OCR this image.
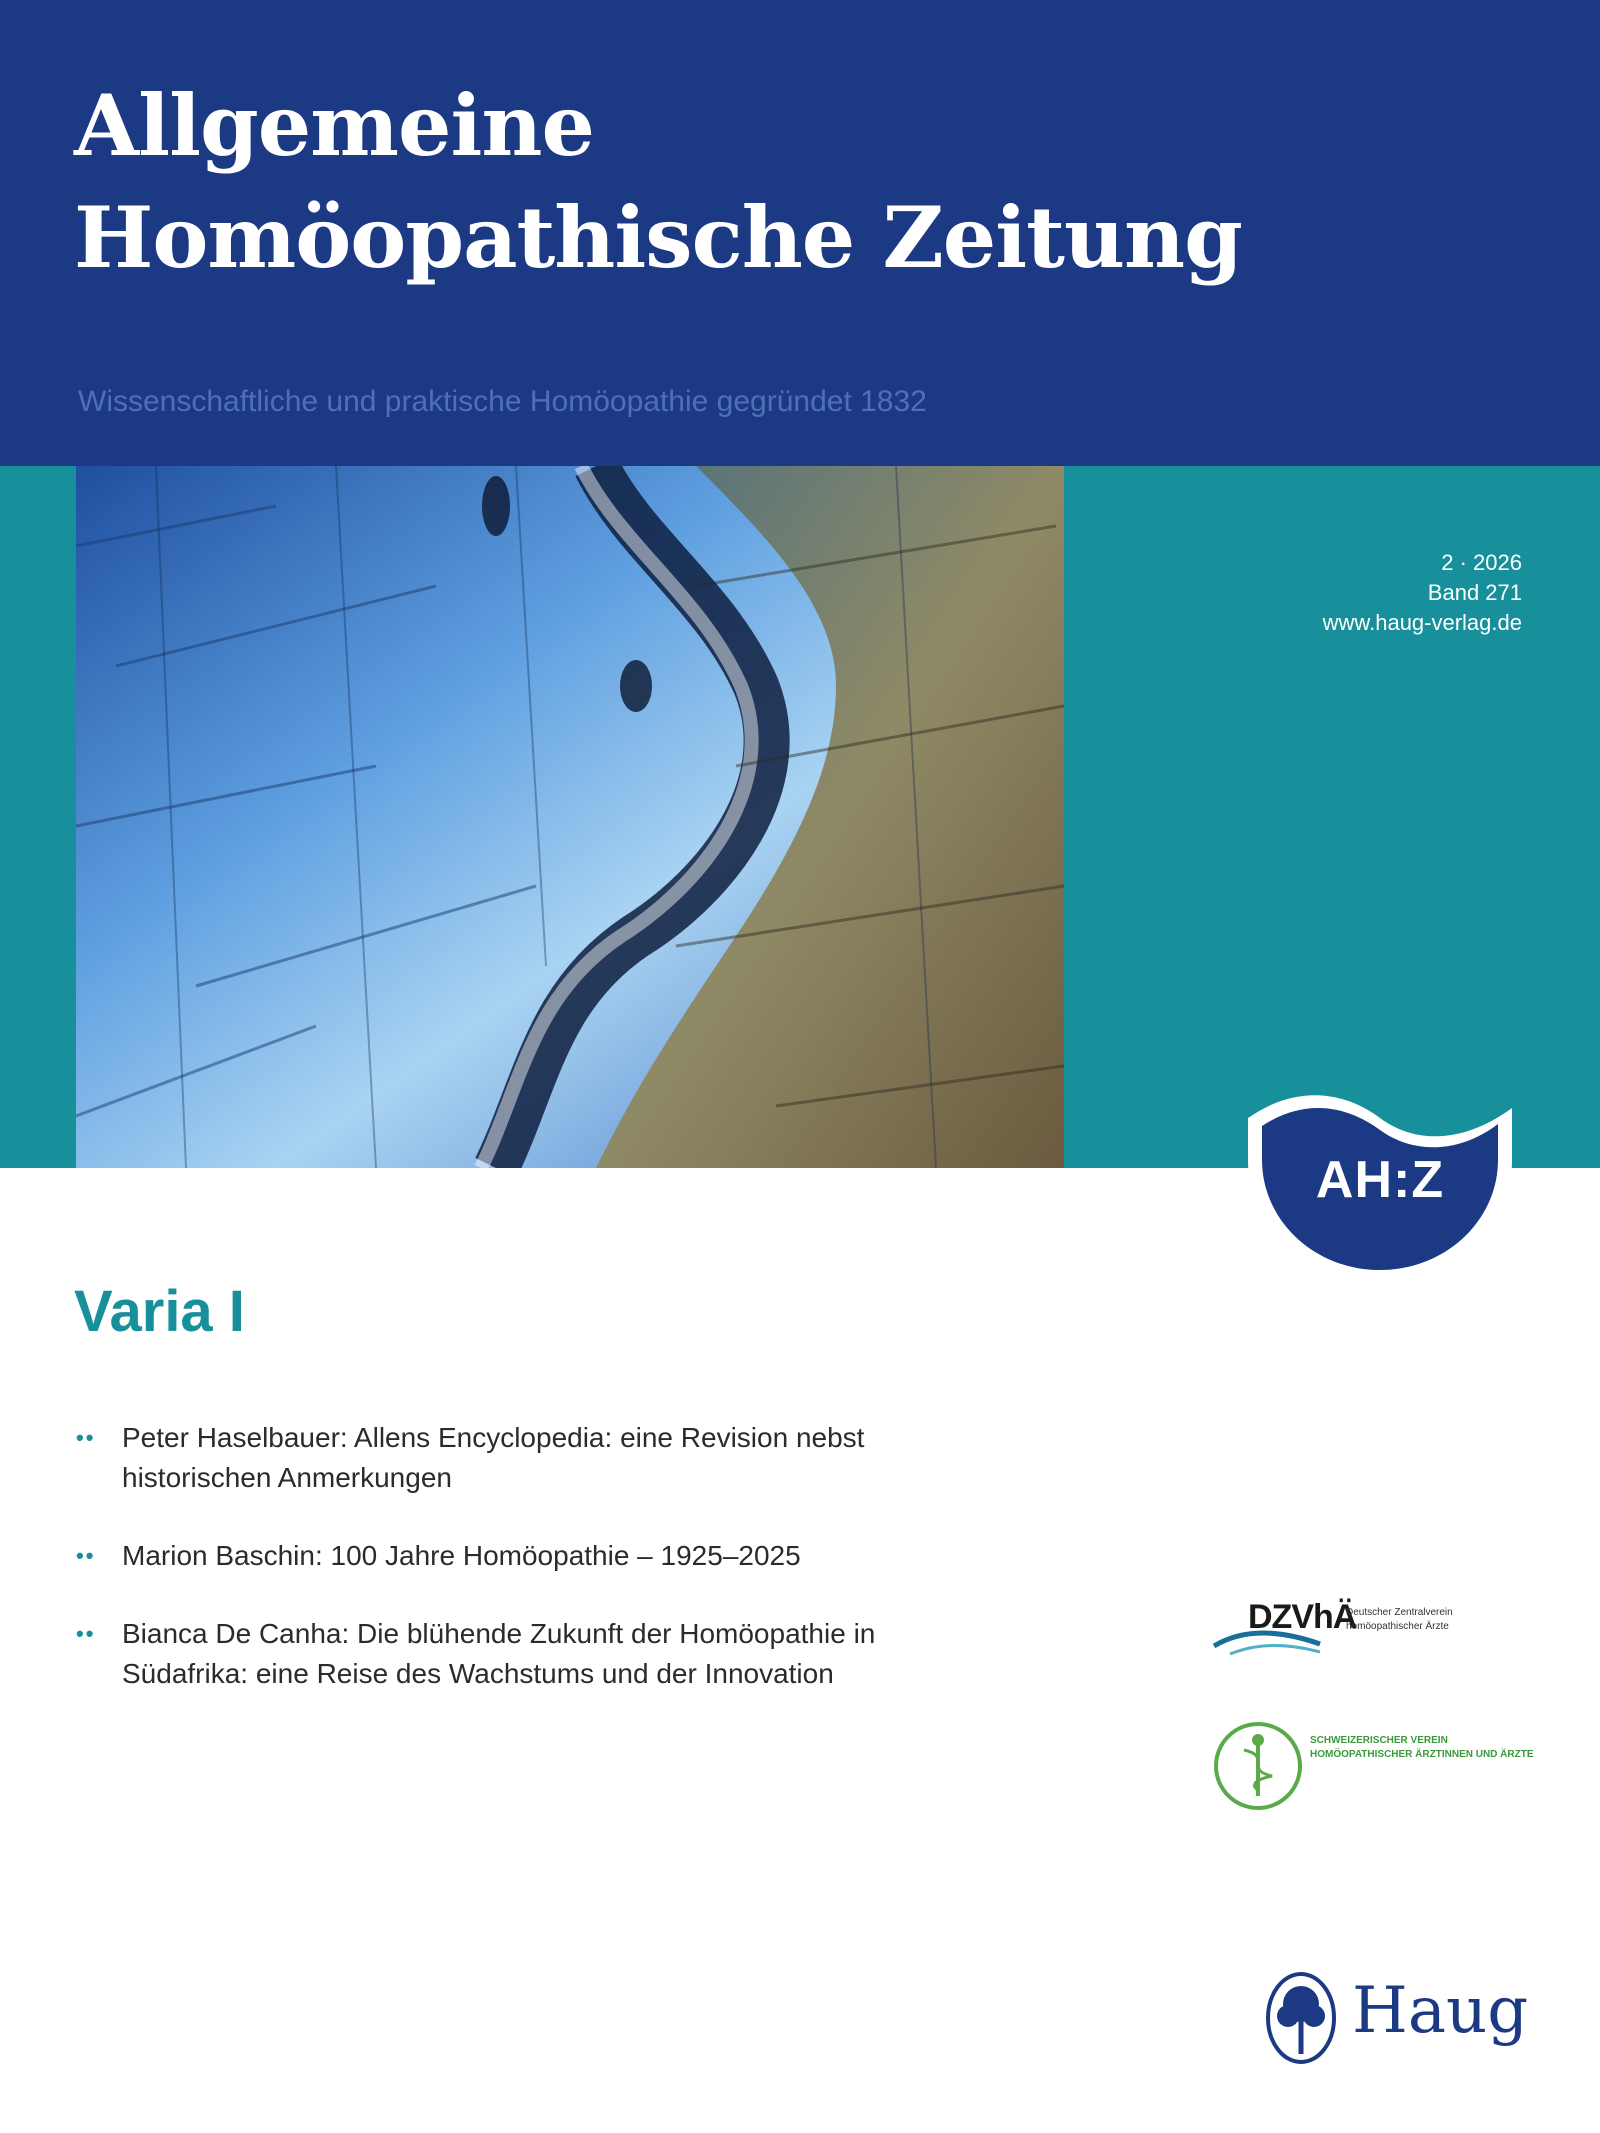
Allgemeine
Homöopathische Zeitung
Wissenschaftliche und praktische Homöopathie gegründet 1832
2 · 2026
Band 271
www.haug-verlag.de
AH:Z
Varia I
•• Peter Haselbauer: Allens Encyclopedia: eine Revision nebst historischen Anmerkungen
•• Marion Baschin: 100 Jahre Homöopathie – 1925–2025
•• Bianca De Canha: Die blühende Zukunft der Homöopathie in Südafrika: eine Reise des Wachstums und der Innovation
DZVhÄ
Deutscher Zentralverein homöopathischer Ärzte
SCHWEIZERISCHER VEREIN HOMÖOPATHISCHER ÄRZTINNEN UND ÄRZTE

Haug
